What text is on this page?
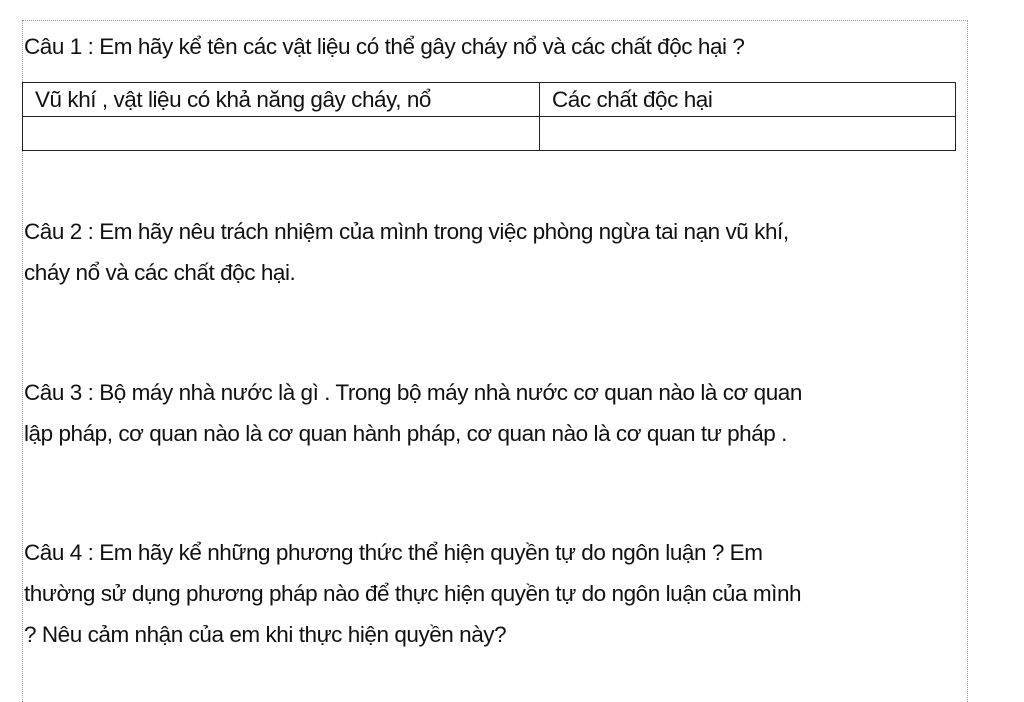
Câu 1 : Em hãy kể tên các vật liệu có thể gây cháy nổ và các chất độc hại ?
Vũ khí , vật liệu có khả năng gây cháy, nổ	Các chất độc hại

Câu 2 : Em hãy nêu trách nhiệm của mình trong việc phòng ngừa tai nạn vũ khí,
cháy nổ và các chất độc hại.
Câu 3 : Bộ máy nhà nước là gì . Trong bộ máy nhà nước cơ quan nào là cơ quan
lập pháp, cơ quan nào là cơ quan hành pháp, cơ quan nào là cơ quan tư pháp .
Câu 4 : Em hãy kể những phương thức thể hiện quyền tự do ngôn luận ? Em
thường sử dụng phương pháp nào để thực hiện quyền tự do ngôn luận của mình
? Nêu cảm nhận của em khi thực hiện quyền này?
